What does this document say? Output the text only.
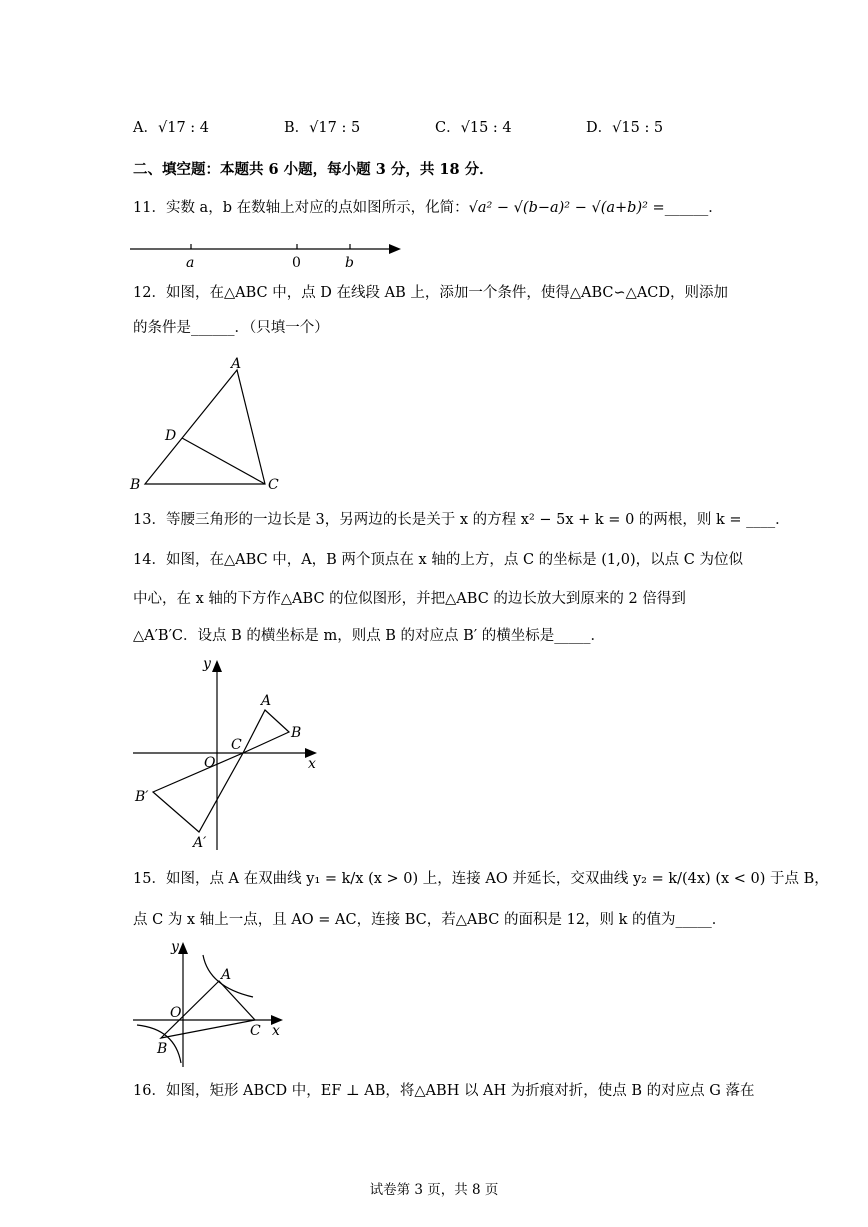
A．√17 : 4	B．√17 : 5	C．√15 : 4	D．√15 : 5
二、填空题：本题共 6 小题，每小题 3 分，共 18 分．
11．实数 a，b 在数轴上对应的点如图所示，化简：√a² − √(b−a)² − √(a+b)² =______．
a	0	b
12．如图，在△ABC 中，点 D 在线段 AB 上，添加一个条件，使得△ABC∽△ACD，则添加
的条件是______．（只填一个）
A
D
B	C
13．等腰三角形的一边长是 3，另两边的长是关于 x 的方程 x² − 5x + k = 0 的两根，则 k = ____．
14．如图，在△ABC 中，A，B 两个顶点在 x 轴的上方，点 C 的坐标是 (1,0)，以点 C 为位似
中心，在 x 轴的下方作△ABC 的位似图形，并把△ABC 的边长放大到原来的 2 倍得到
△A′B′C．设点 B 的横坐标是 m，则点 B 的对应点 B′ 的横坐标是_____．
y
A
B
C
O	x
B′
A′
15．如图，点 A 在双曲线 y₁ = k/x (x > 0) 上，连接 AO 并延长，交双曲线 y₂ = k/(4x) (x < 0) 于点 B，
点 C 为 x 轴上一点，且 AO = AC，连接 BC，若△ABC 的面积是 12，则 k 的值为_____．
y
A
O
C x
B
16．如图，矩形 ABCD 中，EF ⊥ AB，将△ABH 以 AH 为折痕对折，使点 B 的对应点 G 落在
试卷第 3 页，共 8 页
